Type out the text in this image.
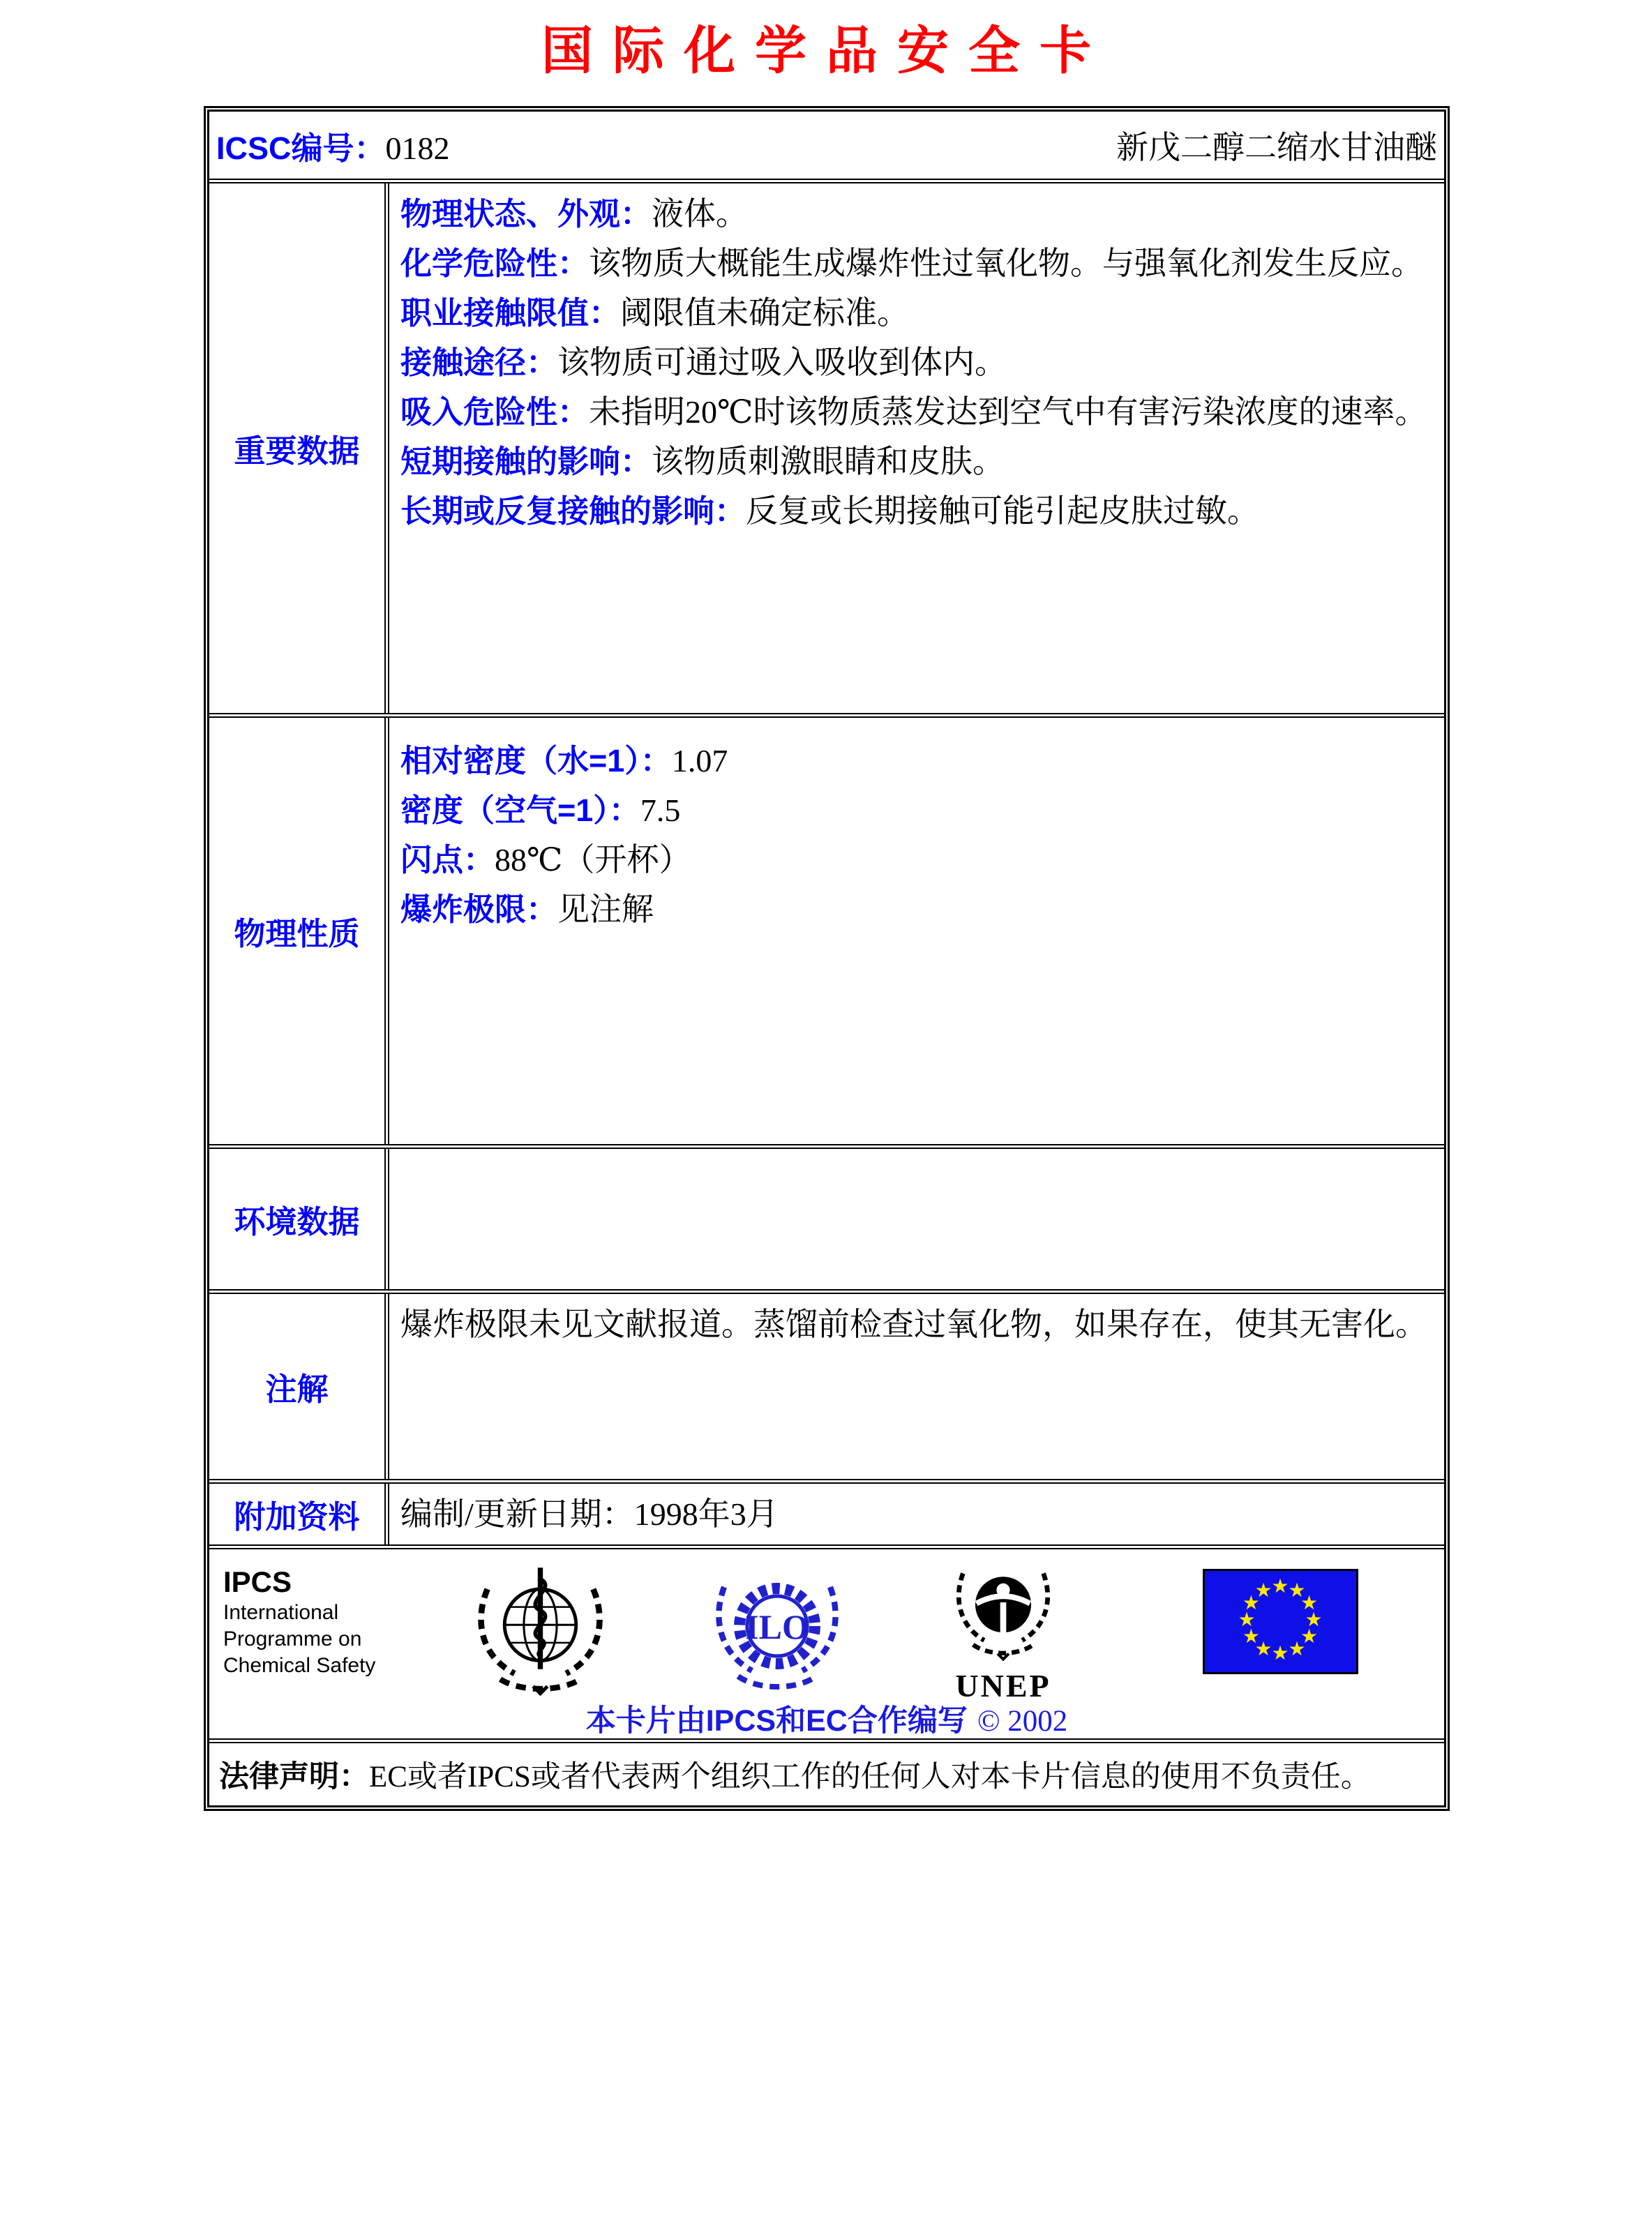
国际化学品安全卡
ICSC编号：0182	新戊二醇二缩水甘油醚
重要数据

物理状态、外观：液体。

化学危险性：该物质大概能生成爆炸性过氧化物。与强氧化剂发生反应。

职业接触限值：阈限值未确定标准。

接触途径：该物质可通过吸入吸收到体内。

吸入危险性：未指明20℃时该物质蒸发达到空气中有害污染浓度的速率。

短期接触的影响：该物质刺激眼睛和皮肤。

长期或反复接触的影响：反复或长期接触可能引起皮肤过敏。

物理性质

相对密度（水=1）：1.07

密度（空气=1）：7.5

闪点：88℃（开杯）

爆炸极限：见注解

环境数据

注解

爆炸极限未见文献报道。蒸馏前检查过氧化物，如果存在，使其无害化。

附加资料 编制/更新日期：1998年3月

IPCS
International
Programme on
Chemical Safety
ILO
UNEP
★
★
★
★
★
★
★
★
★
★
★
★
本卡片由IPCS和EC合作编写 © 2002
法律声明： EC或者IPCS或者代表两个组织工作的任何人对本卡片信息的使用不负责任。
